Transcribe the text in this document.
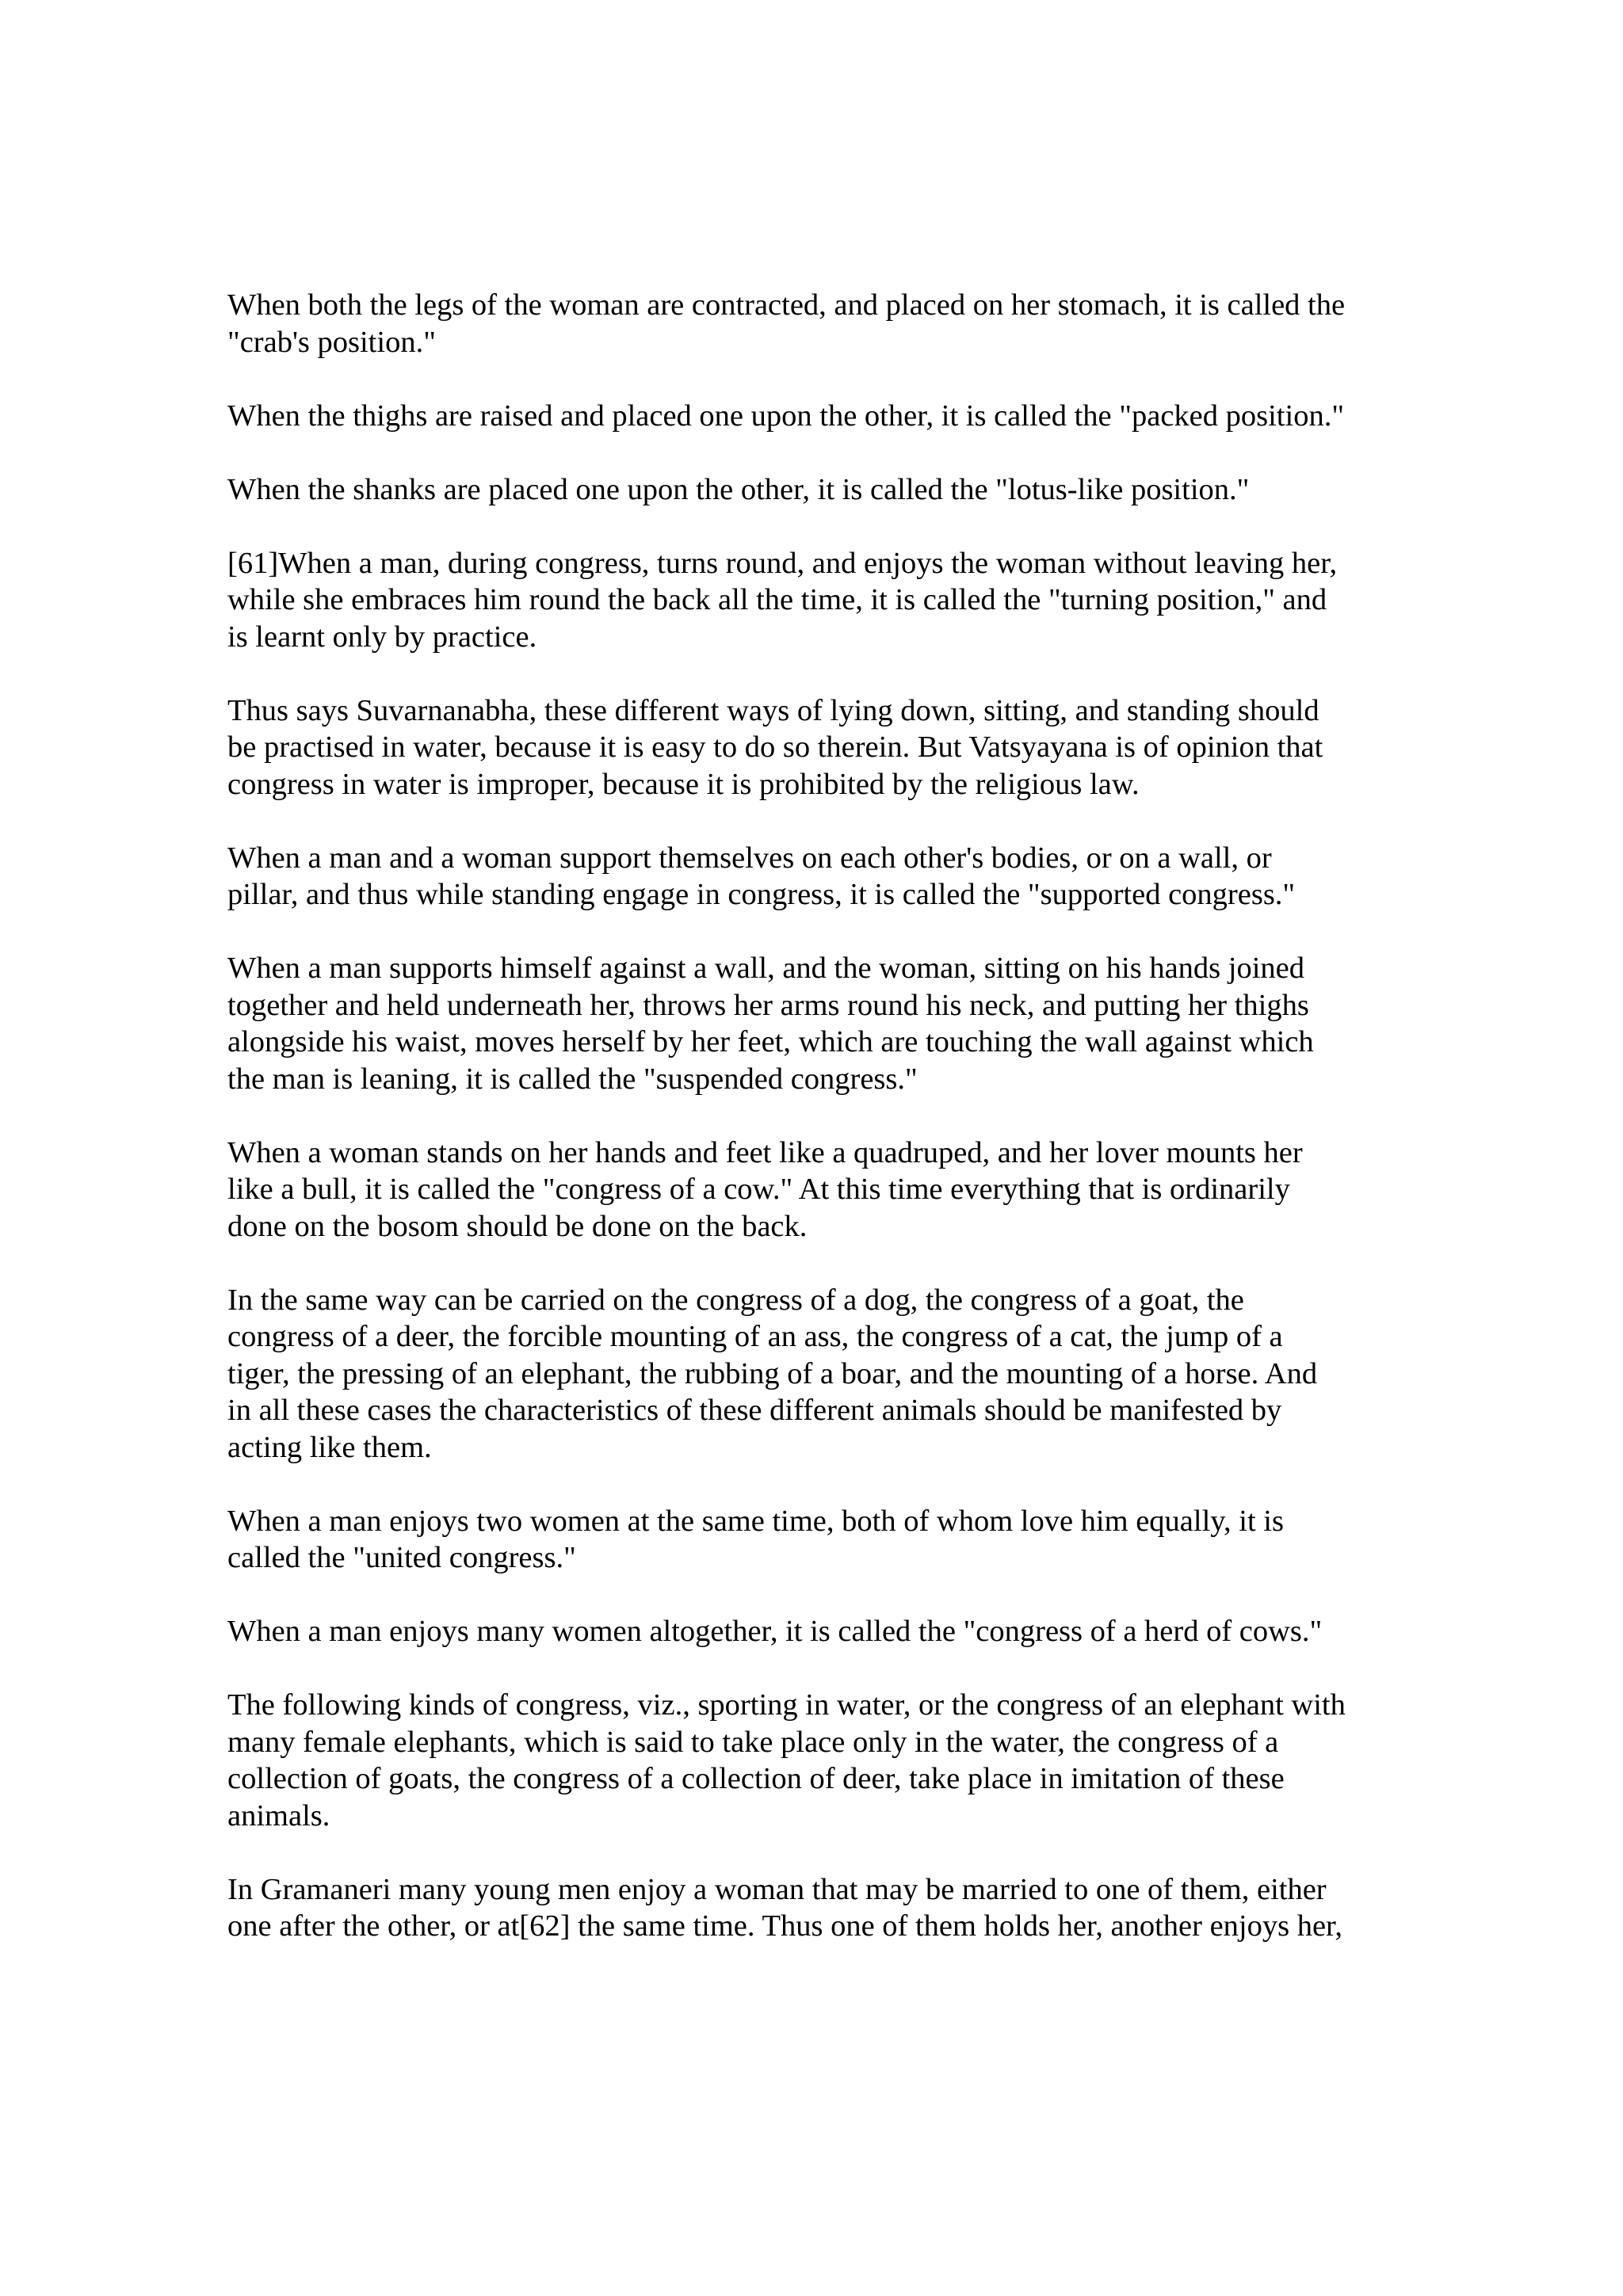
When both the legs of the woman are contracted, and placed on her stomach, it is called the
"crab's position."

When the thighs are raised and placed one upon the other, it is called the "packed position."

When the shanks are placed one upon the other, it is called the "lotus-like position."

[61]When a man, during congress, turns round, and enjoys the woman without leaving her,
while she embraces him round the back all the time, it is called the "turning position," and
is learnt only by practice.

Thus says Suvarnanabha, these different ways of lying down, sitting, and standing should
be practised in water, because it is easy to do so therein. But Vatsyayana is of opinion that
congress in water is improper, because it is prohibited by the religious law.

When a man and a woman support themselves on each other's bodies, or on a wall, or
pillar, and thus while standing engage in congress, it is called the "supported congress."

When a man supports himself against a wall, and the woman, sitting on his hands joined
together and held underneath her, throws her arms round his neck, and putting her thighs
alongside his waist, moves herself by her feet, which are touching the wall against which
the man is leaning, it is called the "suspended congress."

When a woman stands on her hands and feet like a quadruped, and her lover mounts her
like a bull, it is called the "congress of a cow." At this time everything that is ordinarily
done on the bosom should be done on the back.

In the same way can be carried on the congress of a dog, the congress of a goat, the
congress of a deer, the forcible mounting of an ass, the congress of a cat, the jump of a
tiger, the pressing of an elephant, the rubbing of a boar, and the mounting of a horse. And
in all these cases the characteristics of these different animals should be manifested by
acting like them.

When a man enjoys two women at the same time, both of whom love him equally, it is
called the "united congress."

When a man enjoys many women altogether, it is called the "congress of a herd of cows."

The following kinds of congress, viz., sporting in water, or the congress of an elephant with
many female elephants, which is said to take place only in the water, the congress of a
collection of goats, the congress of a collection of deer, take place in imitation of these
animals.

In Gramaneri many young men enjoy a woman that may be married to one of them, either
one after the other, or at[62] the same time. Thus one of them holds her, another enjoys her,
